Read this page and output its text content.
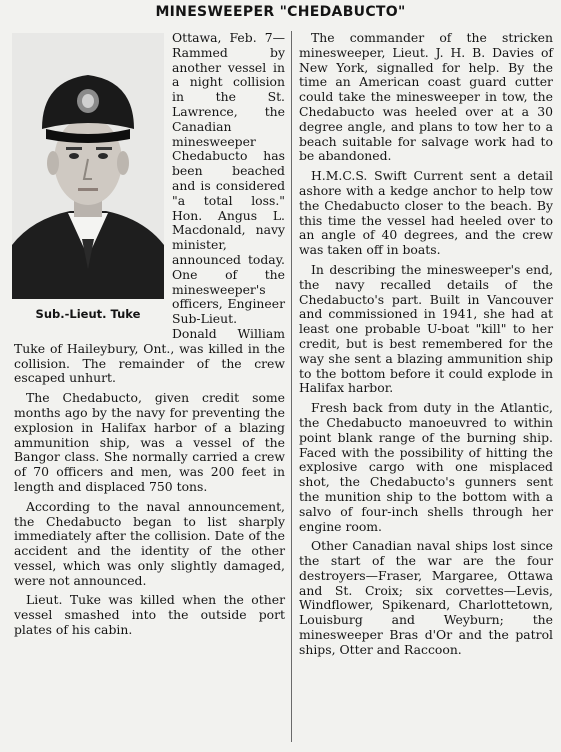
MINESWEEPER "CHEDABUCTO"
Sub.-Lieut. Tuke

Ottawa, Feb. 7—Rammed by another vessel in a night collision in the St. Lawrence, the Canadian minesweeper Chedabucto has been beached and is considered "a total loss." Hon. Angus L. Macdonald, navy minister, announced today. One of the minesweeper's officers, Engineer Sub-Lieut. Donald William Tuke of Haileybury, Ont., was killed in the collision. The remainder of the crew escaped unhurt.

The Chedabucto, given credit some months ago by the navy for preventing the explosion in Halifax harbor of a blazing ammunition ship, was a vessel of the Bangor class. She normally carried a crew of 70 officers and men, was 200 feet in length and displaced 750 tons.

According to the naval announcement, the Chedabucto began to list sharply immediately after the collision. Date of the accident and the identity of the other vessel, which was only slightly damaged, were not announced.

Lieut. Tuke was killed when the other vessel smashed into the outside port plates of his cabin.

The commander of the stricken minesweeper, Lieut. J. H. B. Davies of New York, signalled for help. By the time an American coast guard cutter could take the minesweeper in tow, the Chedabucto was heeled over at a 30 degree angle, and plans to tow her to a beach suitable for salvage work had to be abandoned.

H.M.C.S. Swift Current sent a detail ashore with a kedge anchor to help tow the Chedabucto closer to the beach. By this time the vessel had heeled over to an angle of 40 degrees, and the crew was taken off in boats.

In describing the minesweeper's end, the navy recalled details of the Chedabucto's part. Built in Vancouver and commissioned in 1941, she had at least one probable U-boat "kill" to her credit, but is best remembered for the way she sent a blazing ammunition ship to the bottom before it could explode in Halifax harbor.

Fresh back from duty in the Atlantic, the Chedabucto manoeuvred to within point blank range of the burning ship. Faced with the possibility of hitting the explosive cargo with one misplaced shot, the Chedabucto's gunners sent the munition ship to the bottom with a salvo of four-inch shells through her engine room.

Other Canadian naval ships lost since the start of the war are the four destroyers—Fraser, Margaree, Ottawa and St. Croix; six corvettes—Levis, Windflower, Spikenard, Charlottetown, Louisburg and Weyburn; the minesweeper Bras d'Or and the patrol ships, Otter and Raccoon.
